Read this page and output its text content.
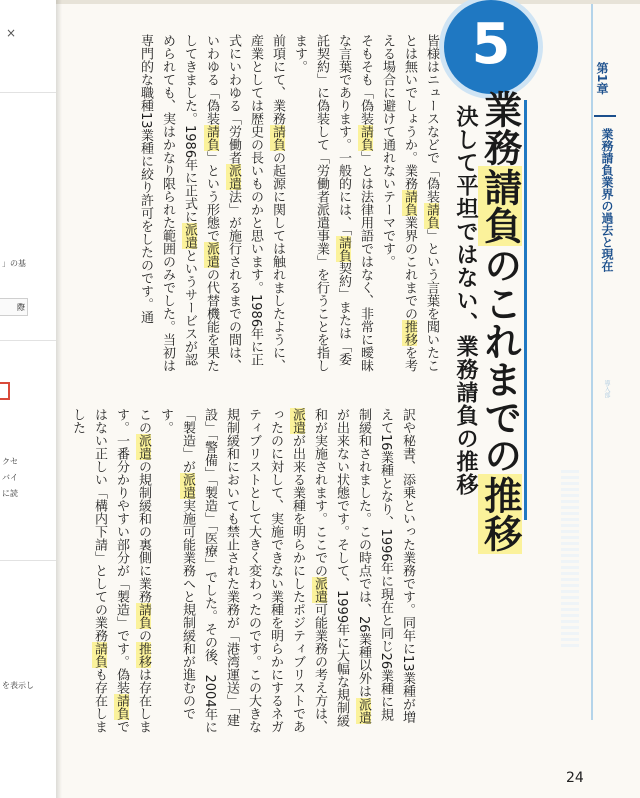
×
」の基
際
クセ
バイ
に読
を表示し
第1章
業務請負業界の過去と現在
導入部
5
業務請負のこれまでの推移
決して平坦ではない、業務請負の推移
皆様はニュースなどで「偽装請負」という言葉を聞いたことは無いでしょうか。業務請負業界のこれまでの推移を考える場合に避けて通れないテーマです。
そもそも「偽装請負」とは法律用語ではなく、非常に曖昧な言葉であります。一般的には、「請負契約」または「委託契約」に偽装して「労働者派遣事業」を行うことを指します。
前項にて、業務請負の起源に関しては触れましたように、産業としては歴史の長いものかと思います。1986年に正式にいわゆる「労働者派遣法」が施行されるまでの間は、いわゆる「偽装請負」という形態で派遣の代替機能を果たしてきました。1986年に正式に派遣というサービスが認められても、実はかなり限られた範囲のみでした。当初は専門的な職種13業種に絞り許可をしたのです。通
訳や秘書、添乗といった業務です。同年に13業種が増えて16業種となり、1996年に現在と同じ26業種に規制緩和されました。この時点では、26業種以外は派遣が出来ない状態です。そして、1999年に大幅な規制緩和が実施されます。ここでの派遣可能業務の考え方は、派遣が出来る業種を明らかにしたポジティブリストであったのに対して、実施できない業種を明らかにするネガティブリストとして大きく変わったのです。この大きな規制緩和においても禁止された業務が「港湾運送」「建設」「警備」「製造」「医療」でした。その後、2004年に「製造」が派遣実施可能業務へと規制緩和が進むのです。
この派遣の規制緩和の裏側に業務請負の推移は存在します。一番分かりやすい部分が「製造」です。偽装請負ではない正しい「構内下請」としての業務請負も存在しました
24
